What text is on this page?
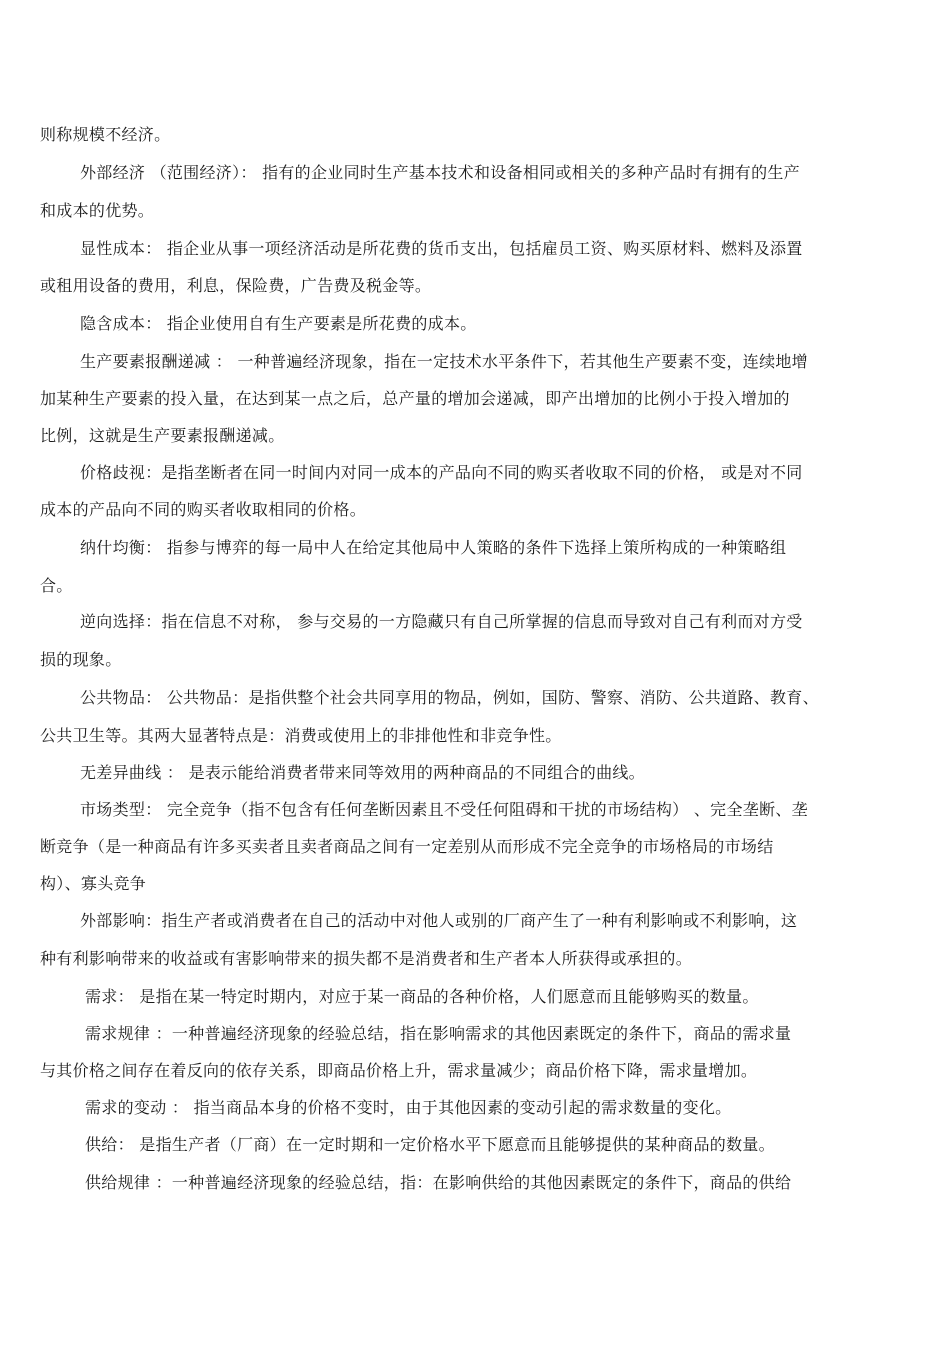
则称规模不经济。
外部经济 （范围经济）： 指有的企业同时生产基本技术和设备相同或相关的多种产品时有拥有的生产
和成本的优势。
显性成本： 指企业从事一项经济活动是所花费的货币支出，包括雇员工资、购买原材料、燃料及添置
或租用设备的费用，利息，保险费，广告费及税金等。
隐含成本： 指企业使用自有生产要素是所花费的成本。
生产要素报酬递减 ： 一种普遍经济现象，指在一定技术水平条件下，若其他生产要素不变，连续地增
加某种生产要素的投入量，在达到某一点之后，总产量的增加会递减，即产出增加的比例小于投入增加的
比例，这就是生产要素报酬递减。
价格歧视：是指垄断者在同一时间内对同一成本的产品向不同的购买者收取不同的价格， 或是对不同
成本的产品向不同的购买者收取相同的价格。
纳什均衡： 指参与博弈的每一局中人在给定其他局中人策略的条件下选择上策所构成的一种策略组
合。
逆向选择：指在信息不对称， 参与交易的一方隐藏只有自己所掌握的信息而导致对自己有利而对方受
损的现象。
公共物品： 公共物品：是指供整个社会共同享用的物品，例如，国防、警察、消防、公共道路、教育、
公共卫生等。其两大显著特点是：消费或使用上的非排他性和非竞争性。
无差异曲线 ： 是表示能给消费者带来同等效用的两种商品的不同组合的曲线。
市场类型： 完全竞争（指不包含有任何垄断因素且不受任何阻碍和干扰的市场结构） 、完全垄断、垄
断竞争（是一种商品有许多买卖者且卖者商品之间有一定差别从而形成不完全竞争的市场格局的市场结
构）、寡头竞争
外部影响：指生产者或消费者在自己的活动中对他人或别的厂商产生了一种有利影响或不利影响，这
种有利影响带来的收益或有害影响带来的损失都不是消费者和生产者本人所获得或承担的。
需求： 是指在某一特定时期内，对应于某一商品的各种价格，人们愿意而且能够购买的数量。
需求规律 ：一种普遍经济现象的经验总结，指在影响需求的其他因素既定的条件下，商品的需求量
与其价格之间存在着反向的依存关系，即商品价格上升，需求量减少；商品价格下降，需求量增加。
需求的变动 ： 指当商品本身的价格不变时，由于其他因素的变动引起的需求数量的变化。
供给： 是指生产者（厂商）在一定时期和一定价格水平下愿意而且能够提供的某种商品的数量。
供给规律 ：一种普遍经济现象的经验总结，指：在影响供给的其他因素既定的条件下，商品的供给
